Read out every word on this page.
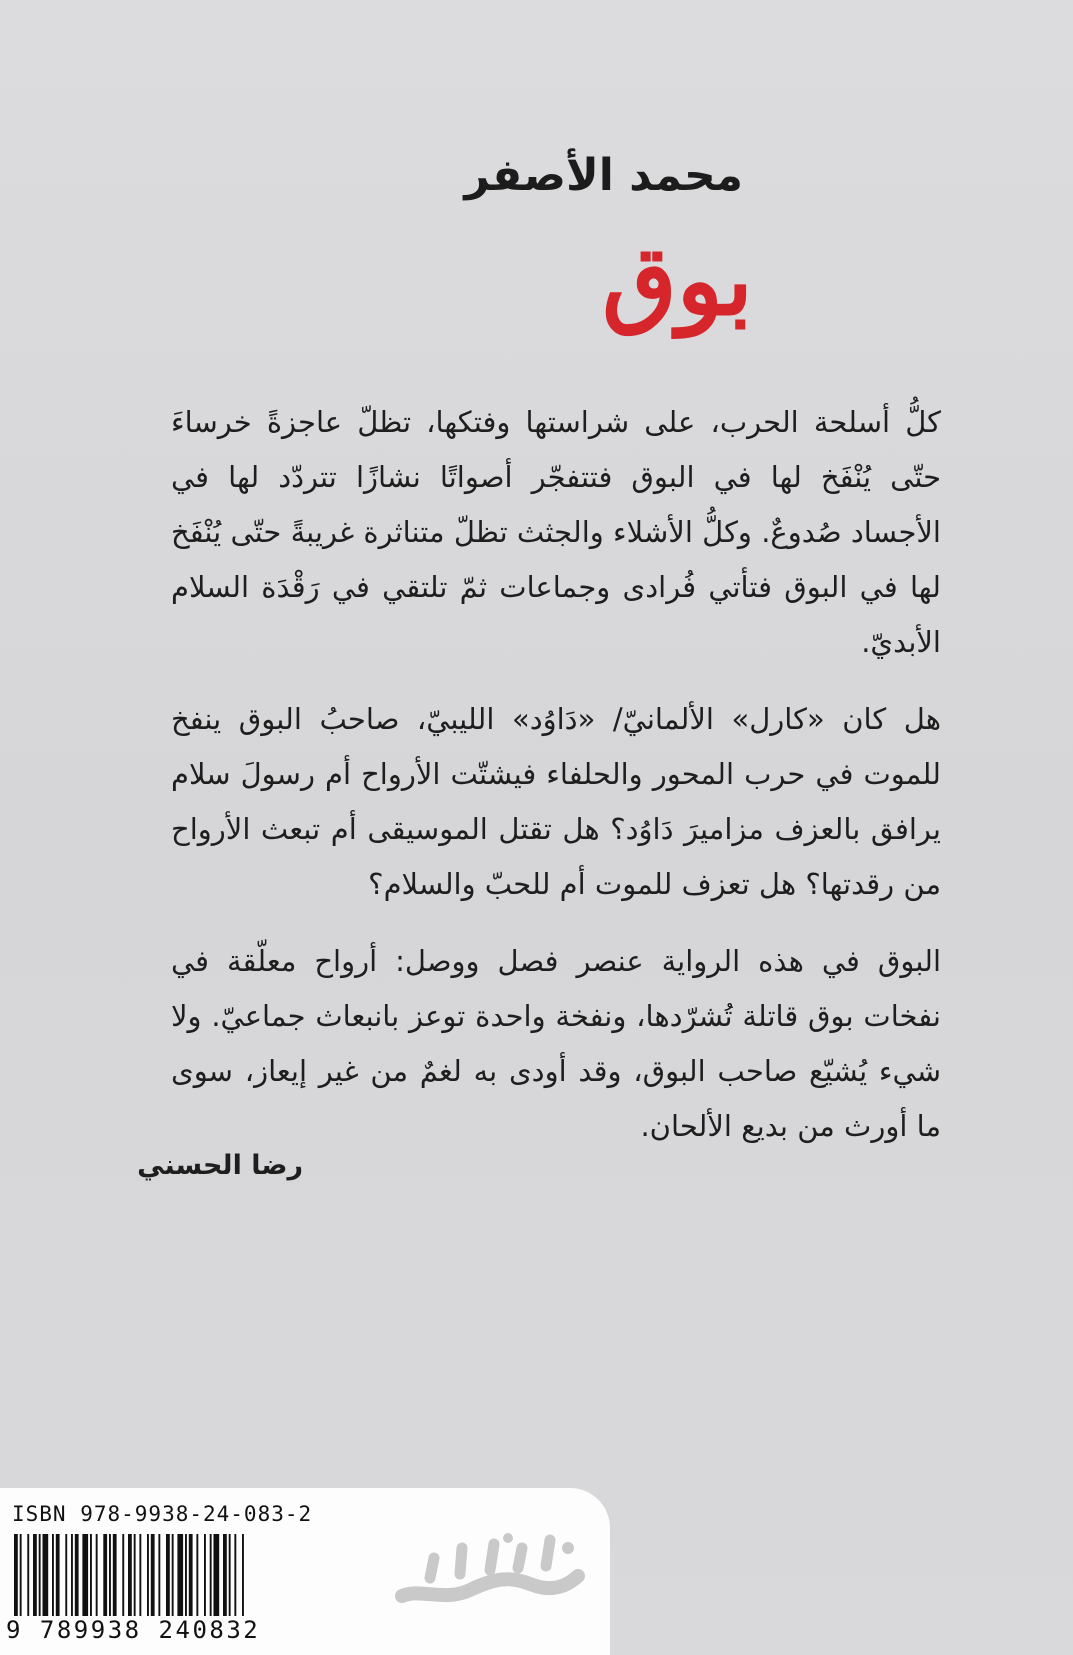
محمد الأصفر
بوق

كلُّ أسلحة الحرب، على شراستها وفتكها، تظلّ عاجزةً خرساءَ حتّى يُنْفَخ لها في البوق فتتفجّر أصواتًا نشازًا تتردّد لها في الأجساد صُدوعٌ. وكلُّ الأشلاء والجثث تظلّ متناثرة غريبةً حتّى يُنْفَخ لها في البوق فتأتي فُرادى وجماعات ثمّ تلتقي في رَقْدَة السلام الأبديّ.

هل كان «كارل» الألمانيّ/ «دَاوُد» الليبيّ، صاحبُ البوق ينفخ للموت في حرب المحور والحلفاء فيشتّت الأرواح أم رسولَ سلام يرافق بالعزف مزاميرَ دَاوُد؟ هل تقتل الموسيقى أم تبعث الأرواح من رقدتها؟ هل تعزف للموت أم للحبّ والسلام؟

البوق في هذه الرواية عنصر فصل ووصل: أرواح معلّقة في نفخات بوق قاتلة تُشرّدها، ونفخة واحدة توعز بانبعاث جماعيّ. ولا شيء يُشيّع صاحب البوق، وقد أودى به لغمٌ من غير إيعاز، سوى ما أورث من بديع الألحان.

رضا الحسني
ISBN 978-9938-24-083-2
9 789938 240832
